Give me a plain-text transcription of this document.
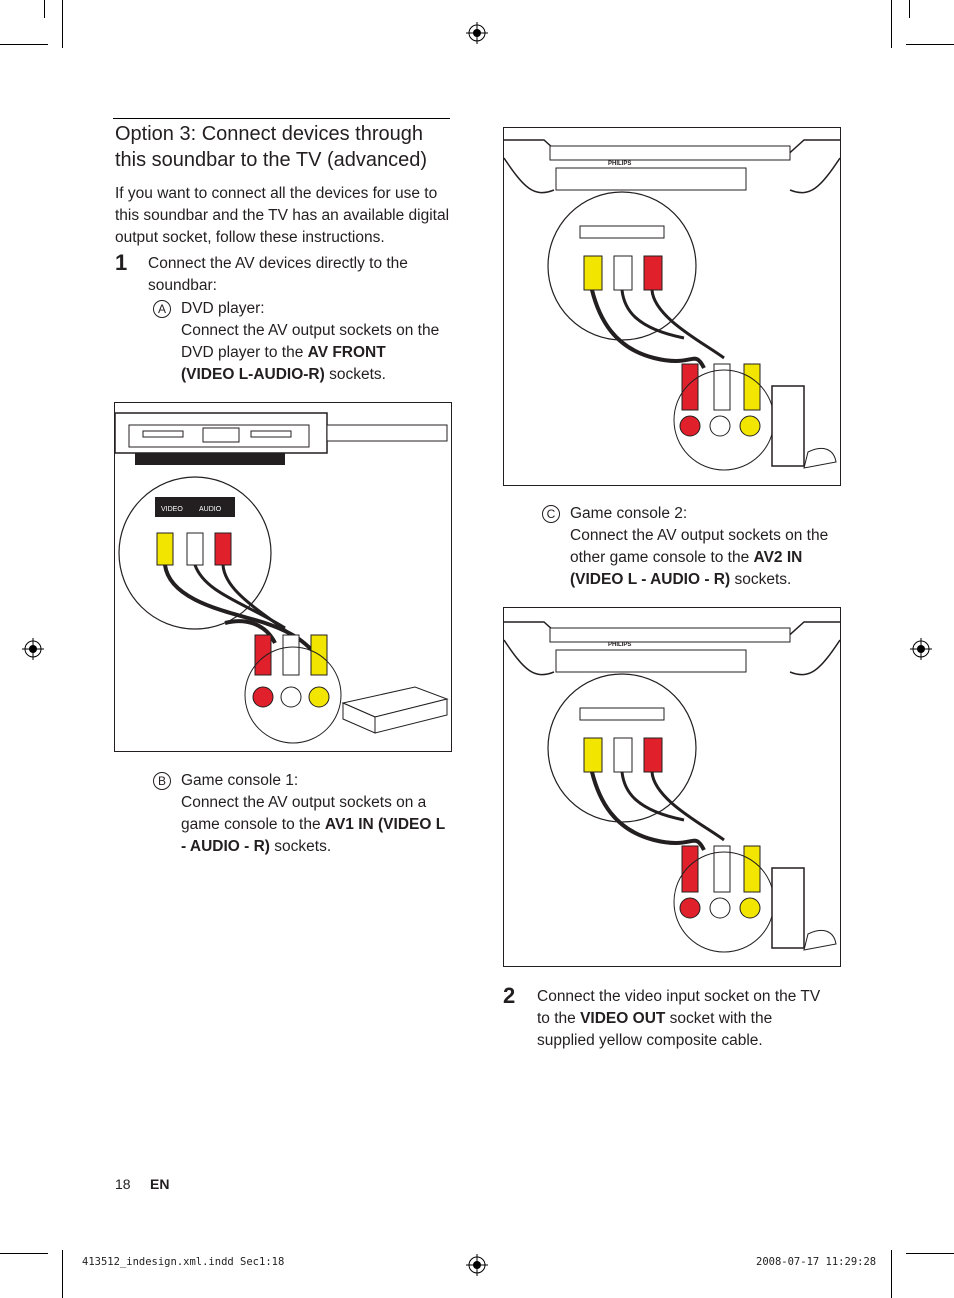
Option 3: Connect devices through this soundbar to the TV (advanced)
If you want to connect all the devices for use to this soundbar and the TV has an available digital output socket, follow these instructions.
1 Connect the AV devices directly to the soundbar:
A DVD player:
Connect the AV output sockets on the DVD player to the AV FRONT (VIDEO L-AUDIO-R) sockets.
VIDEO AUDIO
B Game console 1:
Connect the AV output sockets on a game console to the AV1 IN (VIDEO L - AUDIO - R) sockets.
PHILIPS
C Game console 2:
Connect the AV output sockets on the other game console to the AV2 IN (VIDEO L - AUDIO - R) sockets.
PHILIPS
2 Connect the video input socket on the TV to the VIDEO OUT socket with the supplied yellow composite cable.
18 EN
413512_indesign.xml.indd Sec1:18	2008-07-17 11:29:28
